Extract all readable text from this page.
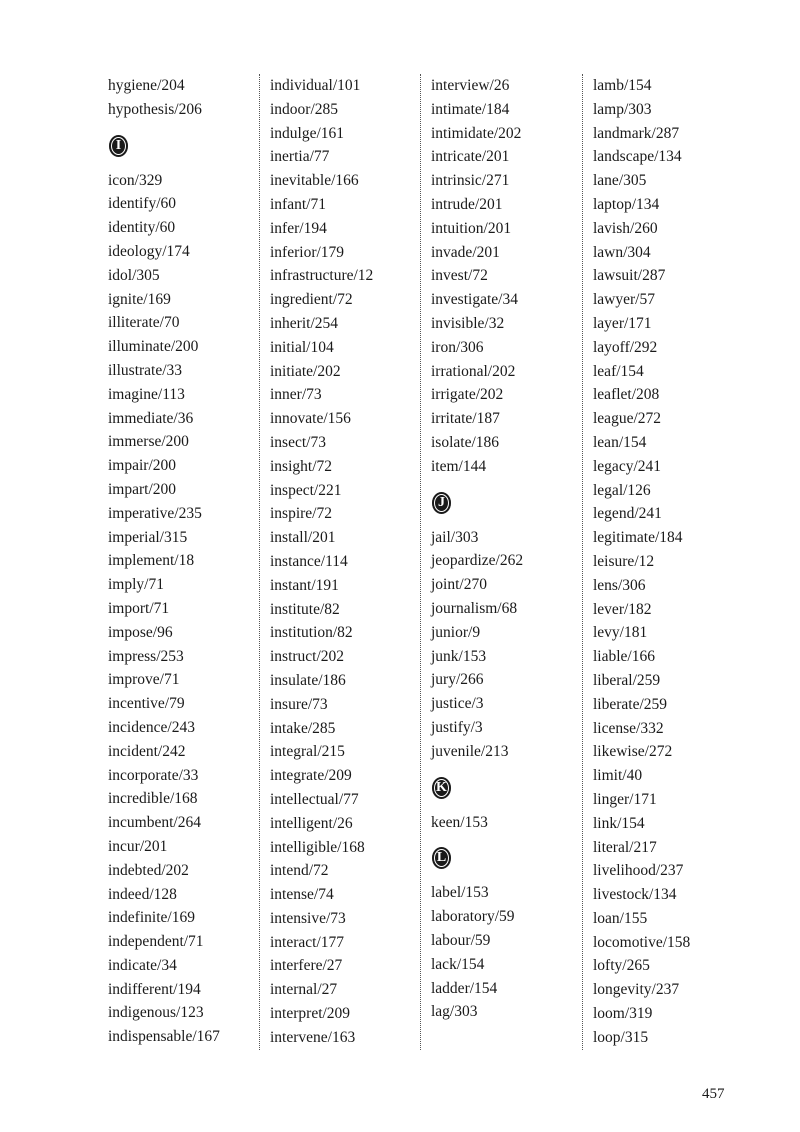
hygiene/204
hypothesis/206
I
icon/329
identify/60
identity/60
ideology/174
idol/305
ignite/169
illiterate/70
illuminate/200
illustrate/33
imagine/113
immediate/36
immerse/200
impair/200
impart/200
imperative/235
imperial/315
implement/18
imply/71
import/71
impose/96
impress/253
improve/71
incentive/79
incidence/243
incident/242
incorporate/33
incredible/168
incumbent/264
incur/201
indebted/202
indeed/128
indefinite/169
independent/71
indicate/34
indifferent/194
indigenous/123
indispensable/167
individual/101
indoor/285
indulge/161
inertia/77
inevitable/166
infant/71
infer/194
inferior/179
infrastructure/12
ingredient/72
inherit/254
initial/104
initiate/202
inner/73
innovate/156
insect/73
insight/72
inspect/221
inspire/72
install/201
instance/114
instant/191
institute/82
institution/82
instruct/202
insulate/186
insure/73
intake/285
integral/215
integrate/209
intellectual/77
intelligent/26
intelligible/168
intend/72
intense/74
intensive/73
interact/177
interfere/27
internal/27
interpret/209
intervene/163
interview/26
intimate/184
intimidate/202
intricate/201
intrinsic/271
intrude/201
intuition/201
invade/201
invest/72
investigate/34
invisible/32
iron/306
irrational/202
irrigate/202
irritate/187
isolate/186
item/144
J
jail/303
jeopardize/262
joint/270
journalism/68
junior/9
junk/153
jury/266
justice/3
justify/3
juvenile/213
K
keen/153
L
label/153
laboratory/59
labour/59
lack/154
ladder/154
lag/303
lamb/154
lamp/303
landmark/287
landscape/134
lane/305
laptop/134
lavish/260
lawn/304
lawsuit/287
lawyer/57
layer/171
layoff/292
leaf/154
leaflet/208
league/272
lean/154
legacy/241
legal/126
legend/241
legitimate/184
leisure/12
lens/306
lever/182
levy/181
liable/166
liberal/259
liberate/259
license/332
likewise/272
limit/40
linger/171
link/154
literal/217
livelihood/237
livestock/134
loan/155
locomotive/158
lofty/265
longevity/237
loom/319
loop/315
457
